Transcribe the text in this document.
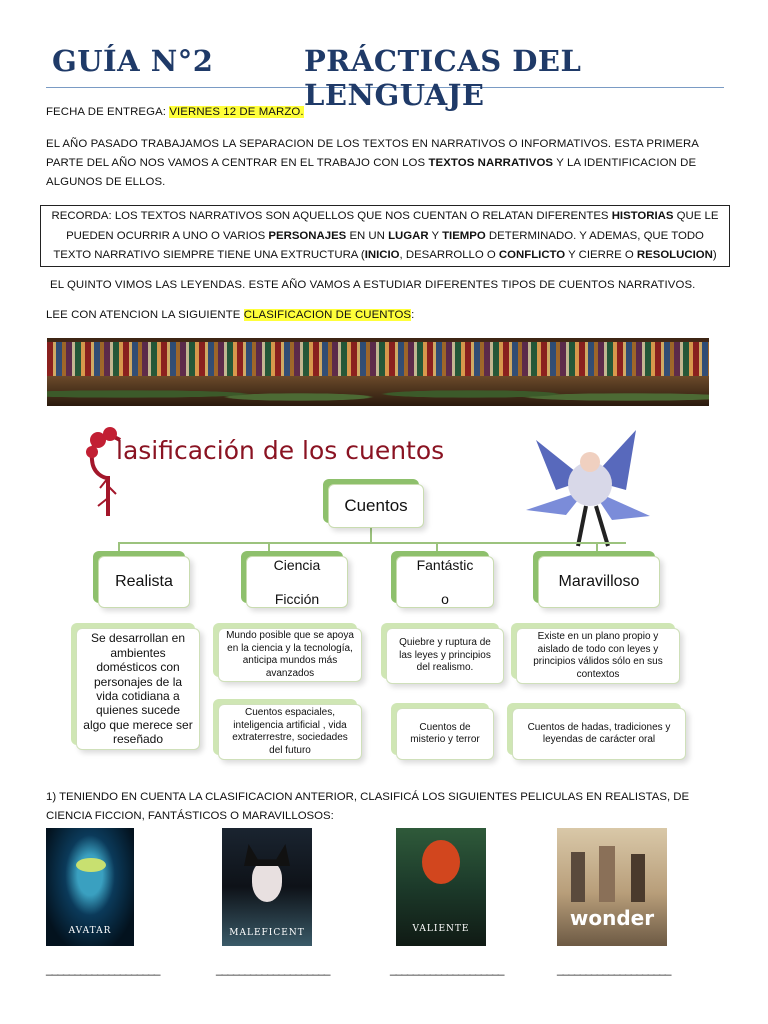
GUÍA N°2	PRÁCTICAS DEL LENGUAJE
FECHA DE ENTREGA: VIERNES 12 DE MARZO.
EL AÑO PASADO TRABAJAMOS LA SEPARACION DE LOS TEXTOS EN NARRATIVOS O INFORMATIVOS. ESTA PRIMERA
PARTE DEL AÑO NOS VAMOS A CENTRAR EN EL TRABAJO CON LOS TEXTOS NARRATIVOS Y LA IDENTIFICACION DE
ALGUNOS DE ELLOS.
RECORDA: LOS TEXTOS NARRATIVOS SON AQUELLOS QUE NOS CUENTAN O RELATAN DIFERENTES HISTORIAS QUE LE
PUEDEN OCURRIR A UNO O VARIOS PERSONAJES EN UN LUGAR Y TIEMPO DETERMINADO. Y ADEMAS, QUE TODO
TEXTO NARRATIVO SIEMPRE TIENE UNA EXTRUCTURA (INICIO, DESARROLLO O CONFLICTO Y CIERRE O RESOLUCION)
EL QUINTO VIMOS LAS LEYENDAS. ESTE AÑO VAMOS A ESTUDIAR DIFERENTES TIPOS DE CUENTOS NARRATIVOS.
LEE CON ATENCION LA SIGUIENTE CLASIFICACION DE CUENTOS:
lasificación de los cuentos
Cuentos
Realista
Ciencia

Ficción
Fantástic

o
Maravilloso
Se desarrollan en ambientes domésticos con personajes de la vida cotidiana a quienes sucede algo que merece ser reseñado
Mundo posible que se apoya en la ciencia y la tecnología, anticipa mundos más avanzados
Quiebre y ruptura de las leyes y principios del realismo.
Existe en un plano propio y aislado de todo con leyes y principios válidos sólo en sus contextos
Cuentos espaciales, inteligencia artificial , vida extraterrestre, sociedades del futuro
Cuentos de misterio y terror
Cuentos de hadas, tradiciones y leyendas de carácter oral
1) TENIENDO EN CUENTA LA CLASIFICACION ANTERIOR, CLASIFICÁ LOS SIGUIENTES PELICULAS EN REALISTAS, DE
CIENCIA FICCION, FANTÁSTICOS O MARAVILLOSOS:
AVATAR	MALEFICENT	VALIENTE	wonder
____________________	____________________	____________________	____________________
